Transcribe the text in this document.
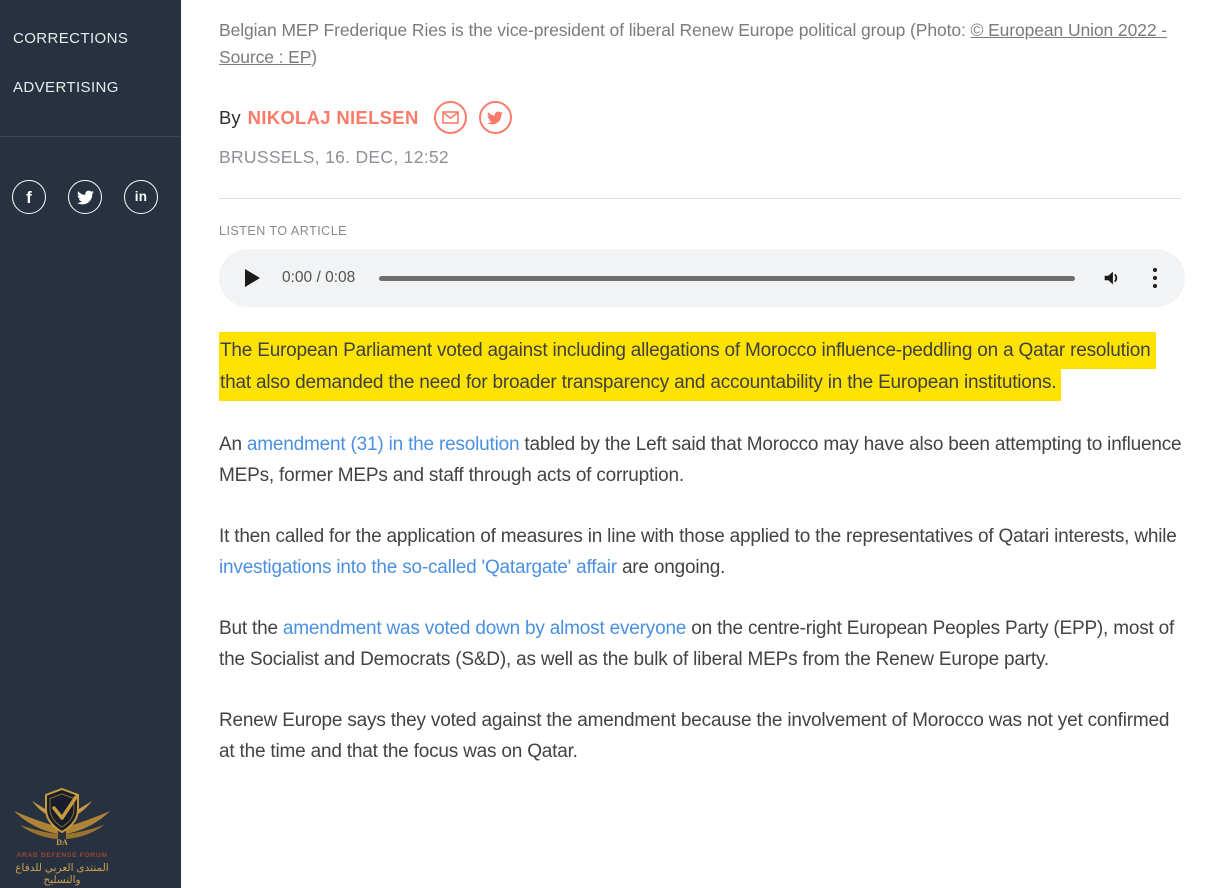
CORRECTIONS
ADVERTISING
f	in
DA
ARAB DEFENSE FORUM
المنتدى العربي للدفاع والتسليح

Belgian MEP Frederique Ries is the vice-president of liberal Renew Europe political group (Photo: © European Union 2022 - Source : EP)

By NIKOLAJ NIELSEN

BRUSSELS, 16. DEC, 12:52

LISTEN TO ARTICLE

0:00 / 0:08

The European Parliament voted against including allegations of Morocco influence-peddling on a Qatar resolution that also demanded the need for broader transparency and accountability in the European institutions.

An amendment (31) in the resolution tabled by the Left said that Morocco may have also been attempting to influence MEPs, former MEPs and staff through acts of corruption.

It then called for the application of measures in line with those applied to the representatives of Qatari interests, while investigations into the so-called 'Qatargate' affair are ongoing.

But the amendment was voted down by almost everyone on the centre-right European Peoples Party (EPP), most of the Socialist and Democrats (S&D), as well as the bulk of liberal MEPs from the Renew Europe party.

Renew Europe says they voted against the amendment because the involvement of Morocco was not yet confirmed at the time and that the focus was on Qatar.
